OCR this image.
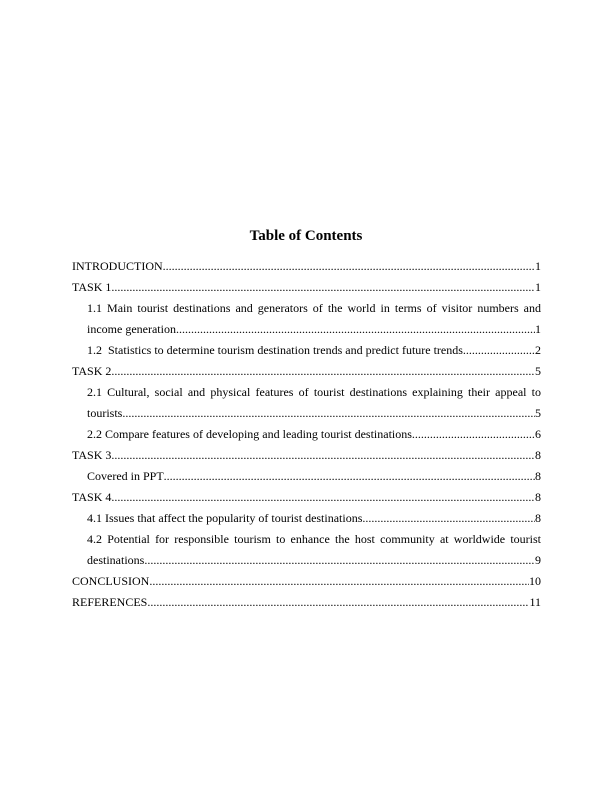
Table of Contents
INTRODUCTION .....	1
TASK 1 .....	1
1.1 Main tourist destinations and generators of the world in terms of visitor numbers and
income generation .....	1
1.2  Statistics to determine tourism destination trends and predict future trends .....	2
TASK 2 .....	5
2.1 Cultural, social and physical features of tourist destinations explaining their appeal to
tourists .....	5
2.2 Compare features of developing and leading tourist destinations .....	6
TASK 3 .....	8
Covered in PPT .....	8
TASK 4 .....	8
4.1 Issues that affect the popularity of tourist destinations .....	8
4.2 Potential for responsible tourism to enhance the host community at worldwide tourist
destinations .....	9
CONCLUSION .....	10
REFERENCES .....	11
